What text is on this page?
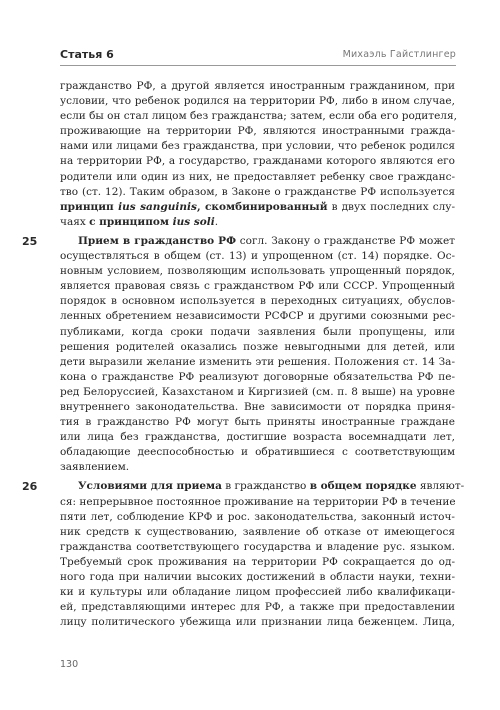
Статья 6	Михаэль Гайстлингер
гражданство РФ, а другой является иностранным гражданином, при
условии, что ребенок родился на территории РФ, либо в ином случае,
если бы он стал лицом без гражданства; затем, если оба его родителя,
проживающие на территории РФ, являются иностранными граждa-
нами или лицами без гражданства, при условии, что ребенок родился
на территории РФ, а государство, гражданами которого являются его
родители или один из них, не предоставляет ребенку свое гражданс-
тво (ст. 12). Таким образом, в Законе о гражданстве РФ используется
принцип ius sanguinis, скомбинированный в двух последних слу-
чаях с принципом ius soli.
25	Прием в гражданство РФ согл. Закону о гражданстве РФ может
осуществляться в общем (ст. 13) и упрощенном (ст. 14) порядке. Ос-
новным условием, позволяющим использовать упрощенный порядок,
является правовая связь с гражданством РФ или СССР. Упрощенный
порядок в основном используется в переходных ситуациях, обуслов-
ленных обретением независимости РСФСР и другими союзными рес-
публиками, когда сроки подачи заявления были пропущены, или
решения родителей оказались позже невыгодными для детей, или
дети выразили желание изменить эти решения. Положения ст. 14 За-
кона о гражданстве РФ реализуют договорные обязательства РФ пе-
ред Белоруссией, Казахстаном и Киргизией (см. п. 8 выше) на уровне
внутреннего законодательства. Вне зависимости от порядка приня-
тия в гражданство РФ могут быть приняты иностранные граждане
или лица без гражданства, достигшие возраста восемнадцати лет,
обладающие дееспособностью и обратившиеся с соответствующим
заявлением.
26	Условиями для приема в гражданство в общем порядке являют-
ся: непрерывное постоянное проживание на территории РФ в течение
пяти лет, соблюдение КРФ и рос. законодательства, законный источ-
ник средств к существованию, заявление об отказе от имеющегося
гражданства соответствующего государства и владение рус. языком.
Требуемый срок проживания на территории РФ сокращается до од-
ного года при наличии высоких достижений в области науки, техни-
ки и культуры или обладание лицом профессией либо квалификаци-
ей, представляющими интерес для РФ, а также при предоставлении
лицу политического убежища или признании лица беженцем. Лица,
130
